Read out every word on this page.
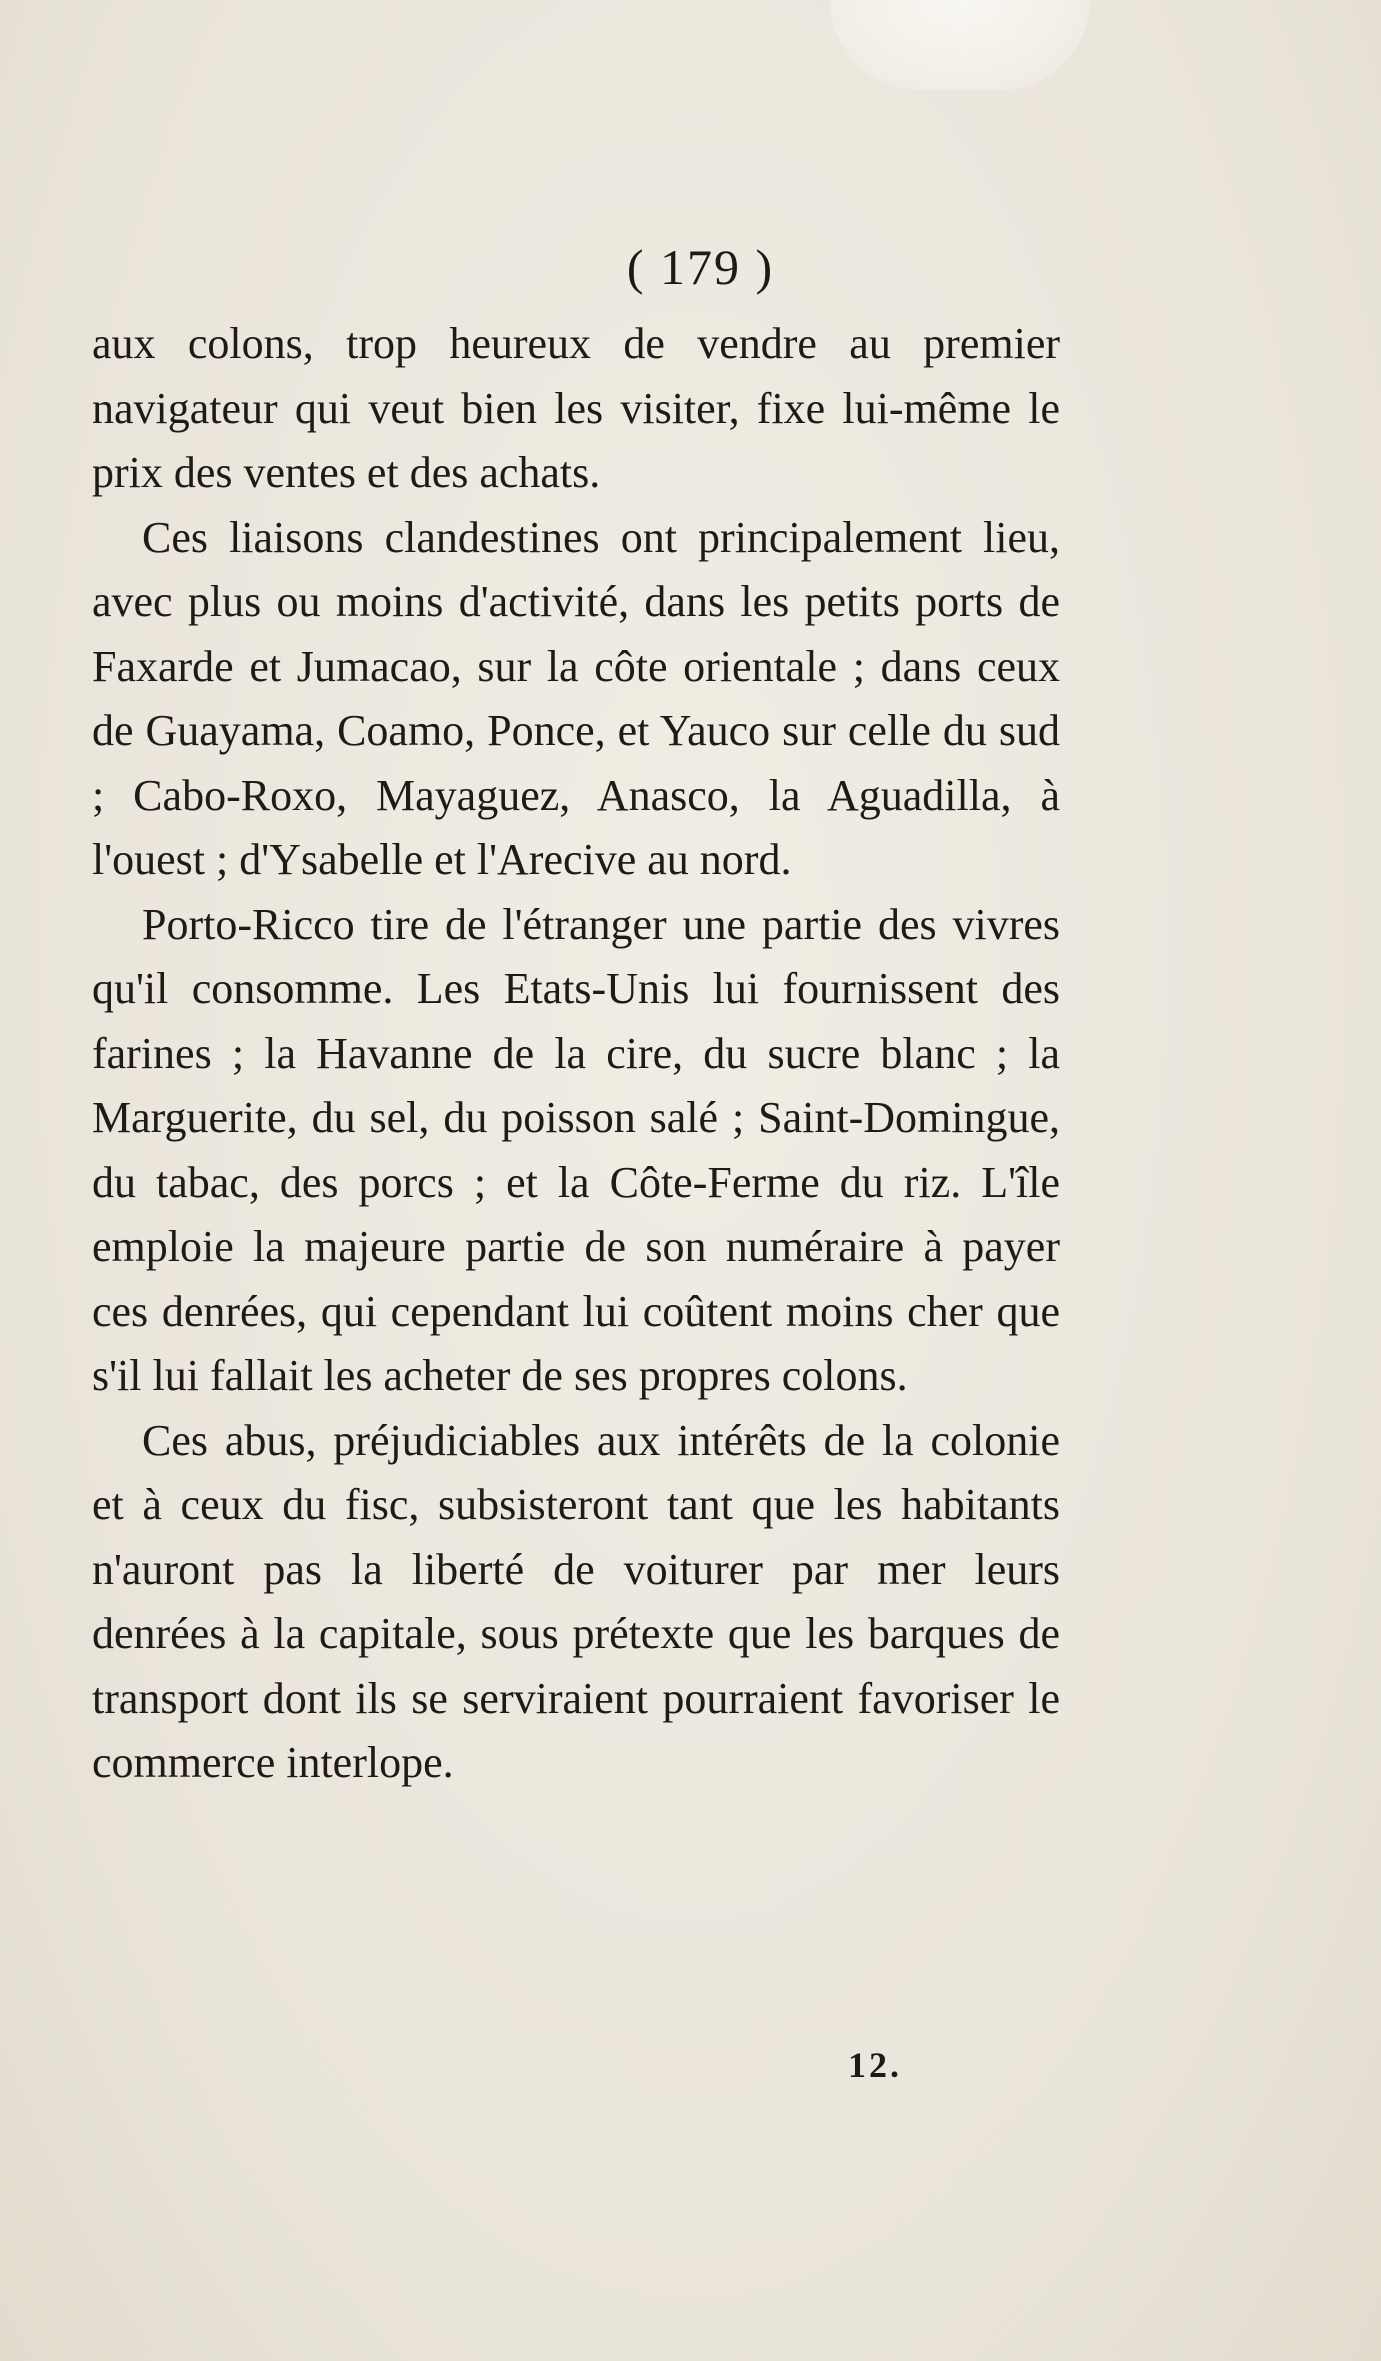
( 179 )

aux colons, trop heureux de vendre au premier navigateur qui veut bien les visiter, fixe lui-même le prix des ventes et des achats.

Ces liaisons clandestines ont principalement lieu, avec plus ou moins d'activité, dans les petits ports de Faxarde et Jumacao, sur la côte orientale ; dans ceux de Guayama, Coamo, Ponce, et Yauco sur celle du sud ; Cabo-Roxo, Mayaguez, Anasco, la Aguadilla, à l'ouest ; d'Ysabelle et l'Arecive au nord.

Porto-Ricco tire de l'étranger une partie des vivres qu'il consomme. Les Etats-Unis lui fournissent des farines ; la Havanne de la cire, du sucre blanc ; la Marguerite, du sel, du poisson salé ; Saint-Domingue, du tabac, des porcs ; et la Côte-Ferme du riz. L'île emploie la majeure partie de son numéraire à payer ces denrées, qui cependant lui coûtent moins cher que s'il lui fallait les acheter de ses propres colons.

Ces abus, préjudiciables aux intérêts de la colonie et à ceux du fisc, subsisteront tant que les habitants n'auront pas la liberté de voiturer par mer leurs denrées à la capitale, sous prétexte que les barques de transport dont ils se serviraient pourraient favoriser le commerce interlope.

12.
